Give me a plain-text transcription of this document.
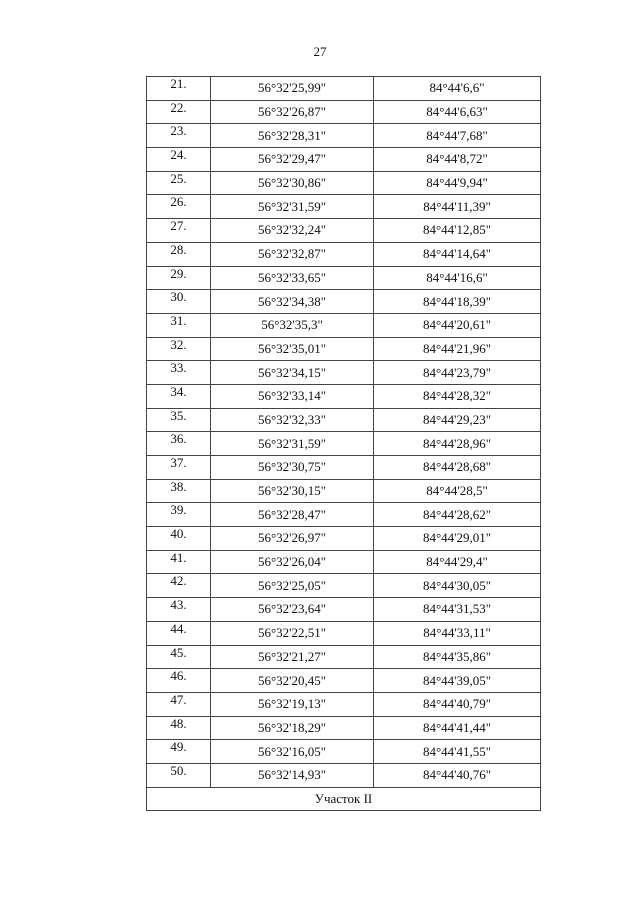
27
21.	56°32'25,99"	84°44'6,6"
22.	56°32'26,87"	84°44'6,63"
23.	56°32'28,31"	84°44'7,68"
24.	56°32'29,47"	84°44'8,72"
25.	56°32'30,86"	84°44'9,94"
26.	56°32'31,59"	84°44'11,39"
27.	56°32'32,24"	84°44'12,85"
28.	56°32'32,87"	84°44'14,64"
29.	56°32'33,65"	84°44'16,6"
30.	56°32'34,38"	84°44'18,39"
31.	56°32'35,3"	84°44'20,61"
32.	56°32'35,01"	84°44'21,96"
33.	56°32'34,15"	84°44'23,79"
34.	56°32'33,14"	84°44'28,32"
35.	56°32'32,33"	84°44'29,23"
36.	56°32'31,59"	84°44'28,96"
37.	56°32'30,75"	84°44'28,68"
38.	56°32'30,15"	84°44'28,5"
39.	56°32'28,47"	84°44'28,62"
40.	56°32'26,97"	84°44'29,01"
41.	56°32'26,04"	84°44'29,4"
42.	56°32'25,05"	84°44'30,05"
43.	56°32'23,64"	84°44'31,53"
44.	56°32'22,51"	84°44'33,11"
45.	56°32'21,27"	84°44'35,86"
46.	56°32'20,45"	84°44'39,05"
47.	56°32'19,13"	84°44'40,79"
48.	56°32'18,29"	84°44'41,44"
49.	56°32'16,05"	84°44'41,55"
50.	56°32'14,93"	84°44'40,76"
Участок II		
